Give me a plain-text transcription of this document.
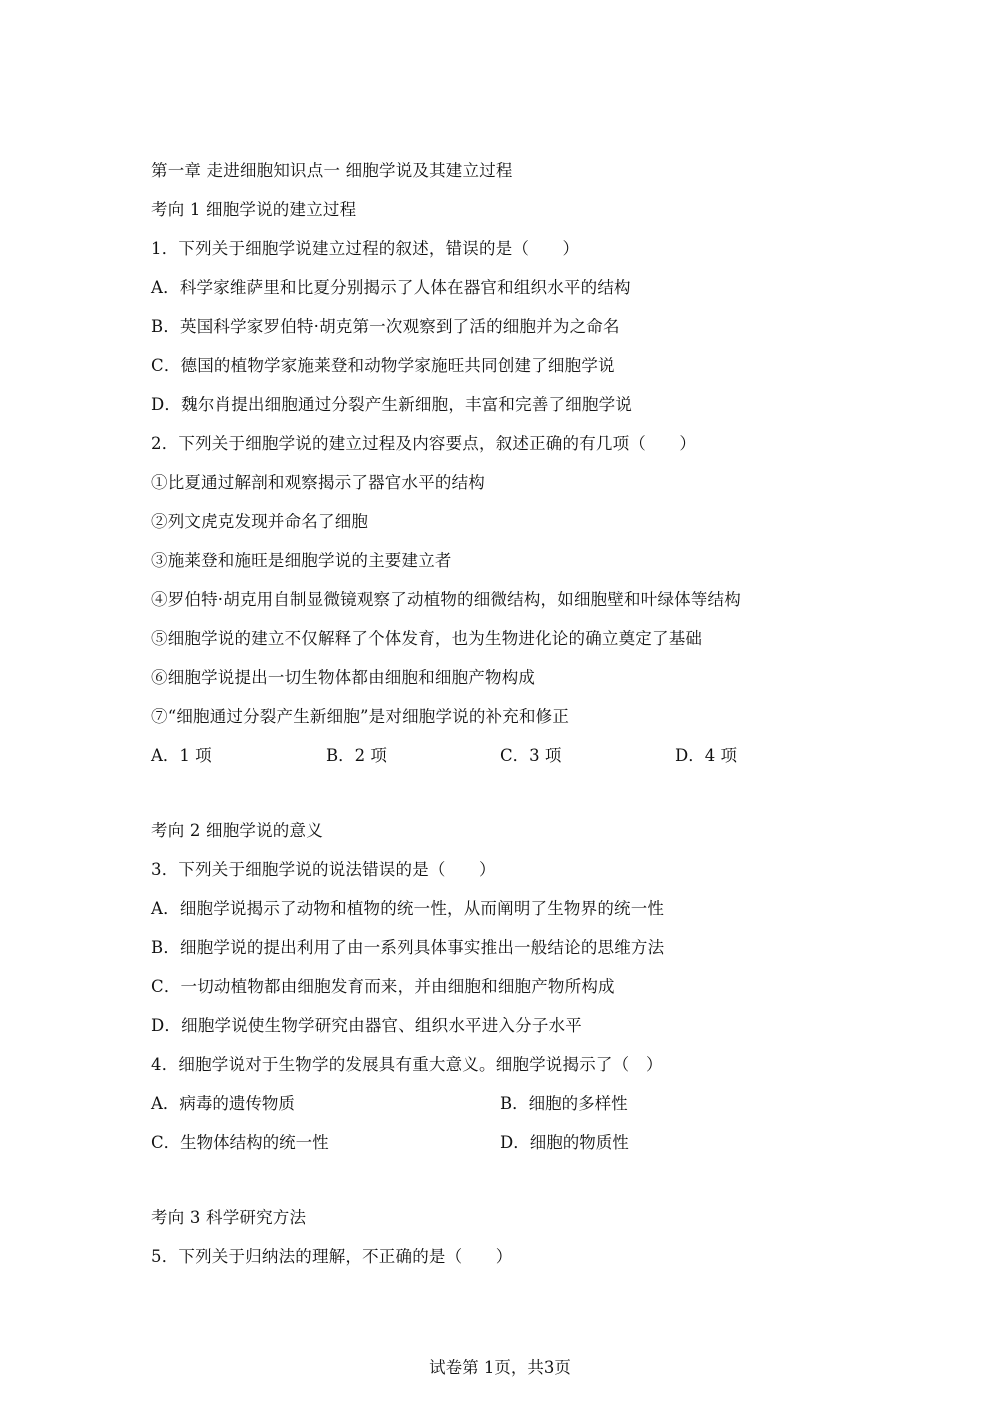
第一章 走进细胞知识点一 细胞学说及其建立过程
考向 1 细胞学说的建立过程
1．下列关于细胞学说建立过程的叙述，错误的是（　　）
A．科学家维萨里和比夏分别揭示了人体在器官和组织水平的结构
B．英国科学家罗伯特·胡克第一次观察到了活的细胞并为之命名
C．德国的植物学家施莱登和动物学家施旺共同创建了细胞学说
D．魏尔肖提出细胞通过分裂产生新细胞，丰富和完善了细胞学说
2．下列关于细胞学说的建立过程及内容要点，叙述正确的有几项（　　）
①比夏通过解剖和观察揭示了器官水平的结构
②列文虎克发现并命名了细胞
③施莱登和施旺是细胞学说的主要建立者
④罗伯特·胡克用自制显微镜观察了动植物的细微结构，如细胞壁和叶绿体等结构
⑤细胞学说的建立不仅解释了个体发育，也为生物进化论的确立奠定了基础
⑥细胞学说提出一切生物体都由细胞和细胞产物构成
⑦“细胞通过分裂产生新细胞”是对细胞学说的补充和修正
A．1 项	B．2 项	C．3 项	D．4 项
考向 2 细胞学说的意义
3．下列关于细胞学说的说法错误的是（　　）
A．细胞学说揭示了动物和植物的统一性，从而阐明了生物界的统一性
B．细胞学说的提出利用了由一系列具体事实推出一般结论的思维方法
C．一切动植物都由细胞发育而来，并由细胞和细胞产物所构成
D．细胞学说使生物学研究由器官、组织水平进入分子水平
4．细胞学说对于生物学的发展具有重大意义。细胞学说揭示了（　）
A．病毒的遗传物质	B．细胞的多样性
C．生物体结构的统一性	D．细胞的物质性
考向 3 科学研究方法
5．下列关于归纳法的理解，不正确的是（　　）
试卷第 1页，共3页
